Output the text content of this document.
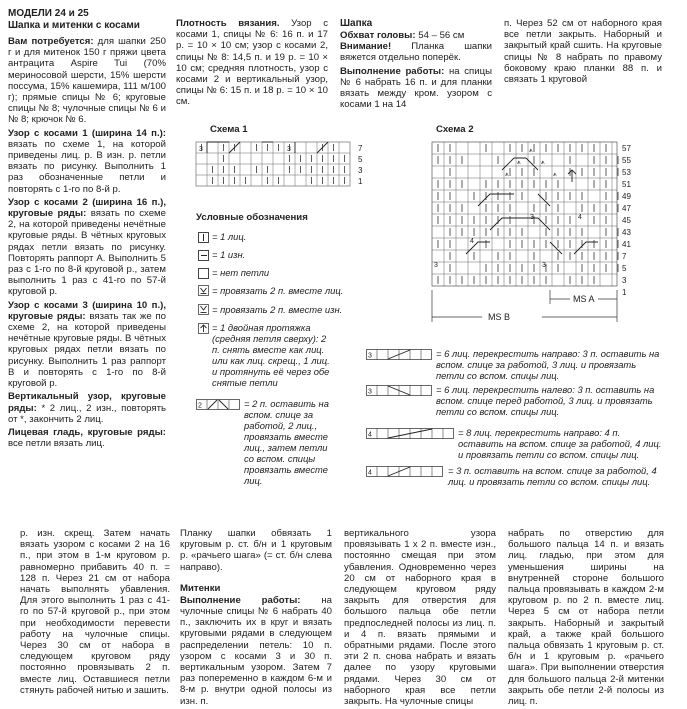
МОДЕЛИ 24 и 25
Шапка и митенки с косами

Вам потребуется: для шапки 250 г и для митенок 150 г пряжи цвета антрацита Aspire Tui (70% мериносовой шерсти, 15% шерсти поссума, 15% кашемира, 111 м/100 г); прямые спицы № 6; круговые спицы № 8; чулочные спицы № 6 и № 8; крючок № 6.

Узор с косами 1 (ширина 14 п.): вязать по схеме 1, на которой приведены лиц. р. В изн. р. петли вязать по рисунку. Выполнить 1 раз обозначенные петли и повторять с 1-го по 8-й р.

Узор с косами 2 (ширина 16 п.), круговые ряды: вязать по схеме 2, на которой приведены нечётные круговые ряды. В чётных круговых рядах петли вязать по рисунку. Повторять раппорт А. Выполнить 5 раз с 1-го по 8-й круговой р., затем выполнить 1 раз с 41-го по 57-й круговой р.

Узор с косами 3 (ширина 10 п.), круговые ряды: вязать так же по схеме 2, на которой приведены нечётные круговые ряды. В чётных круговых рядах петли вязать по рисунку. Выполнить 1 раз раппорт В и повторять с 1-го по 8-й круговой р.

Вертикальный узор, круговые ряды: * 2 лиц., 2 изн., повторять от *, закончить 2 лиц.

Лицевая гладь, круговые ряды: все петли вязать лиц.

Плотность вязания. Узор с косами 1, спицы № 6: 16 п. и 17 р. = 10 × 10 см; узор с косами 2, спицы № 8: 14,5 п. и 19 р. = 10 × 10 см; средняя плотность, узор с косами 2 и вертикальный узор, спицы № 6: 15 п. и 18 р. = 10 × 10 см.

Шапка

Обхват головы: 54 – 56 см

Внимание! Планка шапки вяжется отдельно поперёк.

Выполнение работы: на спицы № 6 набрать 16 п. и для планки вязать между кром. узором с косами 1 на 14

п. Через 52 см от наборного края все петли закрыть. Наборный и закрытый край сшить. На круговые спицы № 8 набрать по правому боковому краю планки 88 п. и связать 1 круговой

Схема 1
3	3	7
5
3
1
Условные обозначения
= 1 лиц.
= 1 изн.
= нет петли
= провязать 2 п. вместе лиц.
= провязать 2 п. вместе изн.
= 1 двойная протяжка (средняя петля сверху): 2 п. снять вместе как лиц. или как лиц. скрещ., 1 лиц. и протянуть её через обе снятые петли
2	= 2 п. оставить на вспом. спице за работой, 2 лиц., провязать вместе лиц., затем петли со вспом. спицы провязать вместе лиц.
Схема 2
3	3
4
3	4
⩚
⩚	⩚
⩚	⩚
57
55
53
51
49
47
45
43
41
7
5
3
1
MS A
MS B
3	= 6 лиц. перекрестить направо: 3 п. оставить на вспом. спице за работой, 3 лиц. и провязать петли со вспом. спицы лиц.
3	= 6 лиц. перекрестить налево: 3 п. оставить на вспом. спице перед работой, 3 лиц. и провязать петли со вспом. спицы лиц.
4	= 8 лиц. перекрестить направо: 4 п. оставить на вспом. спице за работой, 4 лиц. и провязать петли со вспом. спицы лиц.
4	= 3 п. оставить на вспом. спице за работой, 4 лиц. и провязать петли со вспом. спицы лиц.

р. изн. скрещ. Затем начать вязать узором с косами 2 на 16 п., при этом в 1-м круговом р. равномерно прибавить 40 п. = 128 п. Через 21 см от набора начать выполнять убавления. Для этого выполнить 1 раз с 41-го по 57-й круговой р., при этом при необходимости перевести работу на чулочные спицы. Через 30 см от набора в следующем круговом ряду постоянно провязывать 2 п. вместе лиц. Оставшиеся петли стянуть рабочей нитью и зашить.

Планку шапки обвязать 1 круговым р. ст. б/н и 1 круговым р. «рачьего шага» (= ст. б/н слева направо).

Митенки

Выполнение работы: на чулочные спицы № 6 набрать 40 п., заключить их в круг и вязать круговыми рядами в следующем распределении петель: 10 п. узором с косами 3 и 30 п. вертикальным узором. Затем 7 раз попеременно в каждом 6-м и 8-м р. внутри одной полосы из изн. п.

вертикального узора провязывать 1 х 2 п. вместе изн., постоянно смещая при этом убавления. Одновременно через 20 см от наборного края в следующем круговом ряду закрыть для отверстия для большого пальца обе петли предпоследней полосы из лиц. п. и 4 п. вязать прямыми и обратными рядами. После этого эти 2 п. снова набрать и вязать далее по узору круговыми рядами. Через 30 см от наборного края все петли закрыть. На чулочные спицы

набрать по отверстию для большого пальца 14 п. и вязать лиц. гладью, при этом для уменьшения ширины на внутренней стороне большого пальца провязывать в каждом 2-м круговом р. по 2 п. вместе лиц. Через 5 см от набора петли закрыть. Наборный и закрытый край, а также край большого пальца обвязать 1 круговым р. ст. б/н и 1 круговым р. «рачьего шага». При выполнении отверстия для большого пальца 2-й митенки закрыть обе петли 2-й полосы из лиц. п.
